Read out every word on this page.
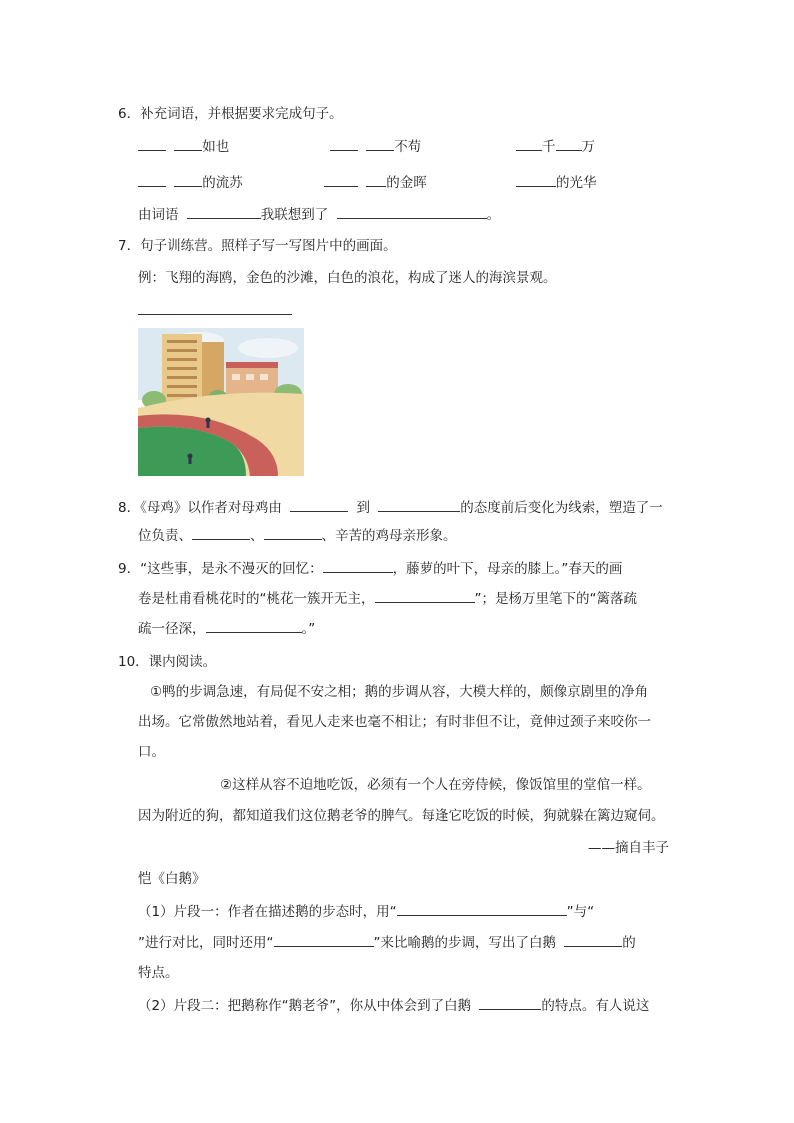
6．补充词语，并根据要求完成句子。
如也	不苟	千 万
的流苏	的金晖	的光华
由词语	我联想到了	。
7．句子训练营。照样子写一写图片中的画面。
例：飞翔的海鸥，金色的沙滩，白色的浪花，构成了迷人的海滨景观。
8．《母鸡》以作者对母鸡由	到	的态度前后变化为线索，塑造了一
位负责、	、	、辛苦的鸡母亲形象。
9．“这些事，是永不漫灭的回忆：	，藤萝的叶下，母亲的膝上。”春天的画
卷是杜甫看桃花时的“桃花一簇开无主，	”；是杨万里笔下的“篱落疏
疏一径深，	。”
10．课内阅读。
①鸭的步调急速，有局促不安之相；鹅的步调从容，大模大样的，颇像京剧里的净角
出场。它常傲然地站着，看见人走来也毫不相让；有时非但不让，竟伸过颈子来咬你一
口。
②这样从容不迫地吃饭，必须有一个人在旁侍候，像饭馆里的堂倌一样。
因为附近的狗，都知道我们这位鹅老爷的脾气。每逢它吃饭的时候，狗就躲在篱边窥伺。
——摘自丰子
恺《白鹅》
（1）片段一：作者在描述鹅的步态时，用“	”与“
”进行对比，同时还用“	”来比喻鹅的步调，写出了白鹅	的
特点。
（2）片段二：把鹅称作“鹅老爷”，你从中体会到了白鹅	的特点。有人说这
